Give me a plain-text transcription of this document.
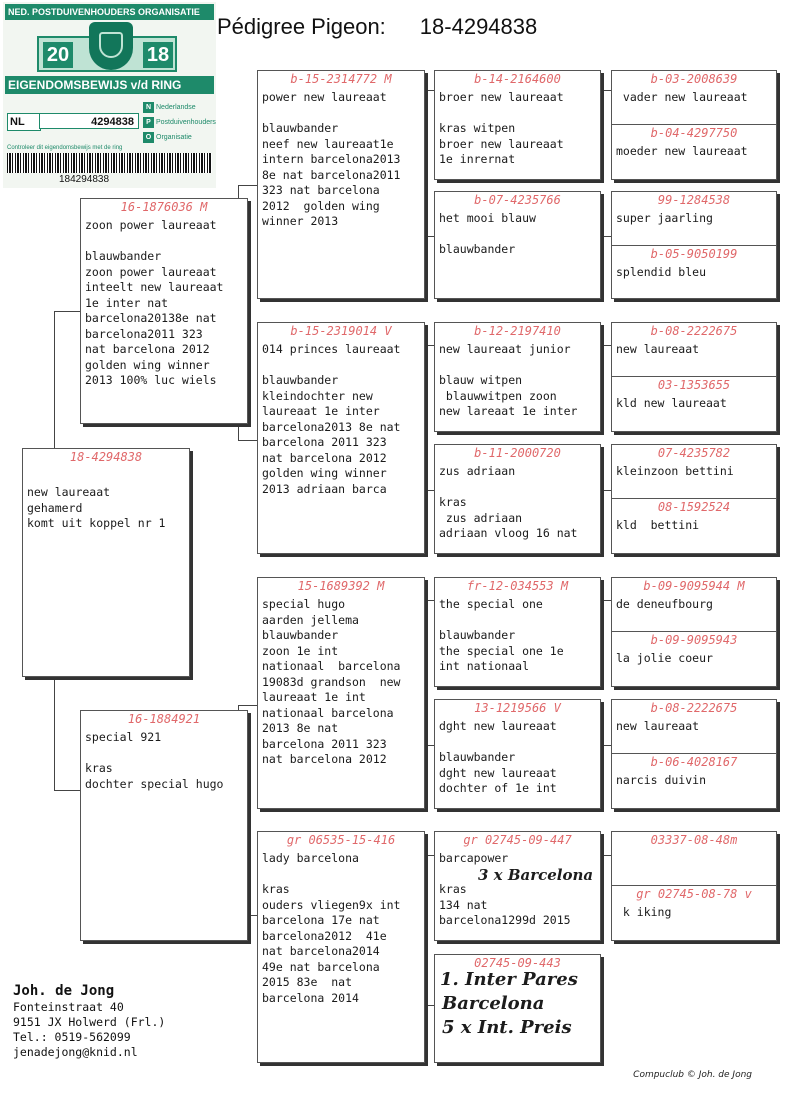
Pédigree Pigeon: 18-4294838
NED. POSTDUIVENHOUDERS ORGANISATIE
20	18
EIGENDOMSBEWIJS v/d RING
NL	4294838
N Nederlandse
P Postduivenhouders
O Organisatie
Controleer dit eigendomsbewijs met de ring
184294838
18-4294838
new laureaat
gehamerd
komt uit koppel nr 1
16-1876036 M
zoon power laureaat

blauwbander
zoon power laureaat
inteelt new laureaat
1e inter nat
barcelona20138e nat
barcelona2011 323
nat barcelona 2012
golden wing winner
2013 100% luc wiels
16-1884921
special 921

kras
dochter special hugo
b-15-2314772 M
power new laureaat

blauwbander
neef new laureaat1e
intern barcelona2013
8e nat barcelona2011
323 nat barcelona
2012  golden wing
winner 2013
b-15-2319014 V
014 princes laureaat

blauwbander
kleindochter new
laureaat 1e inter
barcelona2013 8e nat
barcelona 2011 323
nat barcelona 2012
golden wing winner
2013 adriaan barca
15-1689392 M
special hugo
aarden jellema
blauwbander
zoon 1e int
nationaal  barcelona
19083d grandson  new
laureaat 1e int
nationaal barcelona
2013 8e nat
barcelona 2011 323
nat barcelona 2012
gr 06535-15-416
lady barcelona

kras
ouders vliegen9x int
barcelona 17e nat
barcelona2012  41e
nat barcelona2014
49e nat barcelona
2015 83e  nat
barcelona 2014
b-14-2164600
broer new laureaat

kras witpen
broer new laureaat
1e inrernat
b-07-4235766
het mooi blauw

blauwbander
b-12-2197410
new laureaat junior

blauw witpen
blauwwitpen zoon
new lareaat 1e inter
b-11-2000720
zus adriaan

kras
zus adriaan
adriaan vloog 16 nat
fr-12-034553 M
the special one

blauwbander
the special one 1e
int nationaal
13-1219566 V
dght new laureaat

blauwbander
dght new laureaat
dochter of 1e int
gr 02745-09-447
barcapower

kras
134 nat
barcelona1299d 2015
02745-09-443
3 x Barcelona
1. Inter Pares
Barcelona
5 x Int. Preis
b-03-2008639
vader new laureaat
b-04-4297750
moeder new laureaat
99-1284538
super jaarling
b-05-9050199
splendid bleu
b-08-2222675
new laureaat
03-1353655
kld new laureaat
07-4235782
kleinzoon bettini
08-1592524
kld  bettini
b-09-9095944 M
de deneufbourg
b-09-9095943
la jolie coeur
b-08-2222675
new laureaat
b-06-4028167
narcis duivin
03337-08-48m
gr 02745-08-78 v
k iking
Joh. de Jong
Fonteinstraat 40
9151 JX Holwerd (Frl.)
Tel.: 0519-562099
jenadejong@knid.nl
Compuclub © Joh. de Jong
